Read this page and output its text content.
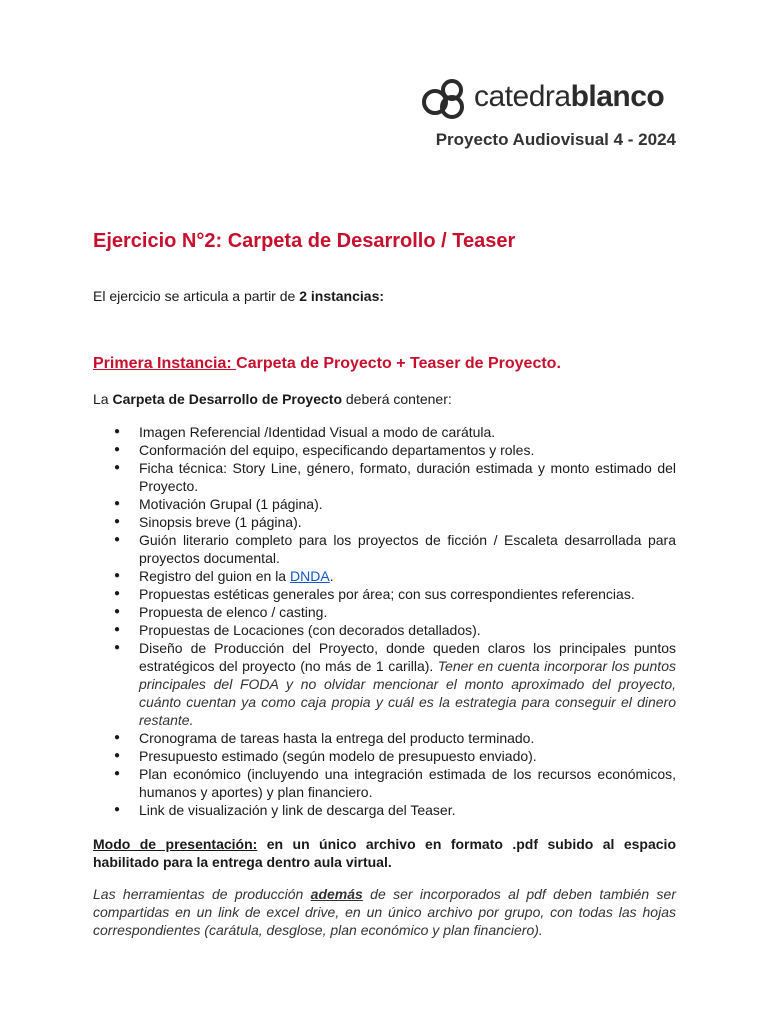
catedrablanco
Proyecto Audiovisual 4 - 2024
Ejercicio N°2: Carpeta de Desarrollo / Teaser
El ejercicio se articula a partir de 2 instancias:
Primera Instancia: Carpeta de Proyecto + Teaser de Proyecto.
La Carpeta de Desarrollo de Proyecto deberá contener:
● Imagen Referencial /Identidad Visual a modo de carátula.
● Conformación del equipo, especificando departamentos y roles.
● Ficha técnica: Story Line, género, formato, duración estimada y monto estimado del Proyecto.
● Motivación Grupal (1 página).
● Sinopsis breve (1 página).
● Guión literario completo para los proyectos de ficción / Escaleta desarrollada para proyectos documental.
● Registro del guion en la DNDA.
● Propuestas estéticas generales por área; con sus correspondientes referencias.
● Propuesta de elenco / casting.
● Propuestas de Locaciones (con decorados detallados).
● Diseño de Producción del Proyecto, donde queden claros los principales puntos estratégicos del proyecto (no más de 1 carilla). Tener en cuenta incorporar los puntos principales del FODA y no olvidar mencionar el monto aproximado del proyecto, cuánto cuentan ya como caja propia y cuál es la estrategia para conseguir el dinero restante.
● Cronograma de tareas hasta la entrega del producto terminado.
● Presupuesto estimado (según modelo de presupuesto enviado).
● Plan económico (incluyendo una integración estimada de los recursos económicos, humanos y aportes) y plan financiero.
● Link de visualización y link de descarga del Teaser.
Modo de presentación: en un único archivo en formato .pdf subido al espacio habilitado para la entrega dentro aula virtual.
Las herramientas de producción además de ser incorporados al pdf deben también ser compartidas en un link de excel drive, en un único archivo por grupo, con todas las hojas correspondientes (carátula, desglose, plan económico y plan financiero).
